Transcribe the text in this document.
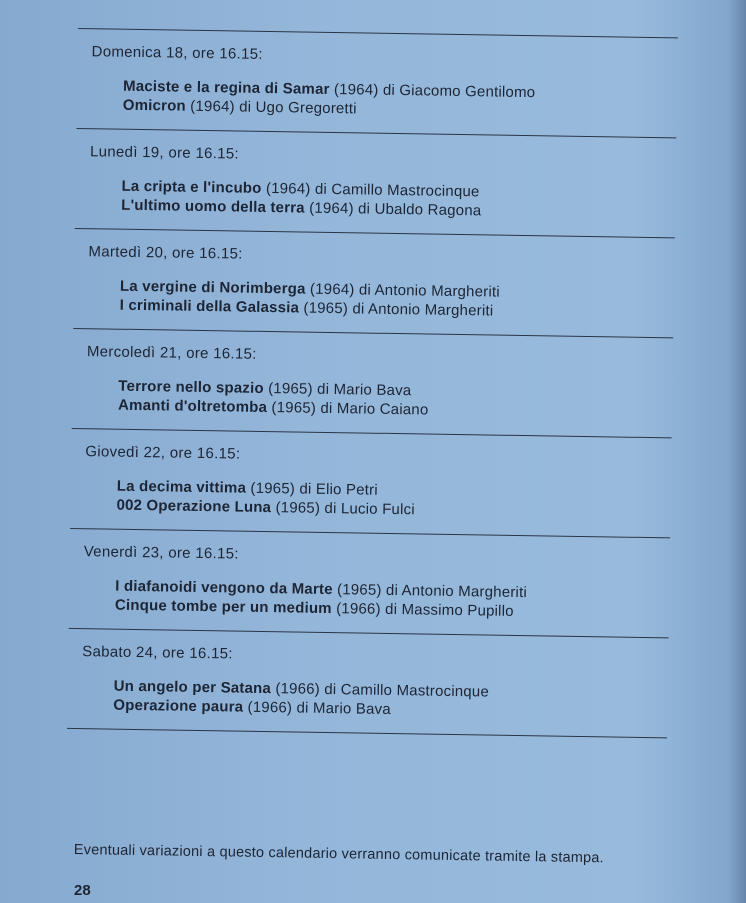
Domenica 18, ore 16.15:
Maciste e la regina di Samar (1964) di Giacomo Gentilomo
Omicron (1964) di Ugo Gregoretti
Lunedì 19, ore 16.15:
La cripta e l'incubo (1964) di Camillo Mastrocinque
L'ultimo uomo della terra (1964) di Ubaldo Ragona
Martedì 20, ore 16.15:
La vergine di Norimberga (1964) di Antonio Margheriti
I criminali della Galassia (1965) di Antonio Margheriti
Mercoledì 21, ore 16.15:
Terrore nello spazio (1965) di Mario Bava
Amanti d'oltretomba (1965) di Mario Caiano
Giovedì 22, ore 16.15:
La decima vittima (1965) di Elio Petri
002 Operazione Luna (1965) di Lucio Fulci
Venerdì 23, ore 16.15:
I diafanoidi vengono da Marte (1965) di Antonio Margheriti
Cinque tombe per un medium (1966) di Massimo Pupillo
Sabato 24, ore 16.15:
Un angelo per Satana (1966) di Camillo Mastrocinque
Operazione paura (1966) di Mario Bava
Eventuali variazioni a questo calendario verranno comunicate tramite la stampa.
28
